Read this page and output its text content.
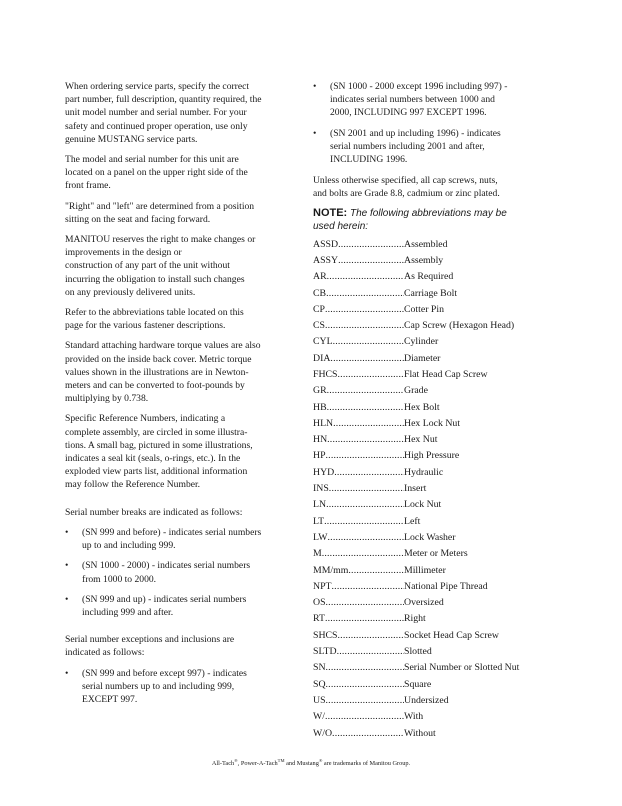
When ordering service parts, specify the correct
part number, full description, quantity required, the
unit model number and serial number. For your
safety and continued proper operation, use only
genuine MUSTANG service parts.

The model and serial number for this unit are
located on a panel on the upper right side of the
front frame.

"Right" and "left" are determined from a position
sitting on the seat and facing forward.

MANITOU reserves the right to make changes or
improvements in the design or
construction of any part of the unit without
incurring the obligation to install such changes
on any previously delivered units.

Refer to the abbreviations table located on this
page for the various fastener descriptions.

Standard attaching hardware torque values are also
provided on the inside back cover. Metric torque
values shown in the illustrations are in Newton-
meters and can be converted to foot-pounds by
multiplying by 0.738.

Specific Reference Numbers, indicating a
complete assembly, are circled in some illustra-
tions. A small bag, pictured in some illustrations,
indicates a seal kit (seals, o-rings, etc.). In the
exploded view parts list, additional information
may follow the Reference Number.

Serial number breaks are indicated as follows:

• (SN 999 and before) - indicates serial numbers
up to and including 999.
• (SN 1000 - 2000) - indicates serial numbers
from 1000 to 2000.
• (SN 999 and up) - indicates serial numbers
including 999 and after.

Serial number exceptions and inclusions are
indicated as follows:

• (SN 999 and before except 997) - indicates
serial numbers up to and including 999,
EXCEPT 997.
• (SN 1000 - 2000 except 1996 including 997) -
indicates serial numbers between 1000 and
2000, INCLUDING 997 EXCEPT 1996.
• (SN 2001 and up including 1996) - indicates
serial numbers including 2001 and after,
INCLUDING 1996.

Unless otherwise specified, all cap screws, nuts,
and bolts are Grade 8.8, cadmium or zinc plated.

NOTE: The following abbreviations may be
used herein:

ASSD .....	Assembled
ASSY .....	Assembly
AR .....	As Required
CB .....	Carriage Bolt
CP .....	Cotter Pin
CS .....	Cap Screw (Hexagon Head)
CYL .....	Cylinder
DIA .....	Diameter
FHCS .....	Flat Head Cap Screw
GR .....	Grade
HB .....	Hex Bolt
HLN .....	Hex Lock Nut
HN .....	Hex Nut
HP .....	High Pressure
HYD .....	Hydraulic
INS .....	Insert
LN .....	Lock Nut
LT .....	Left
LW .....	Lock Washer
M .....	Meter or Meters
MM/mm .....	Millimeter
NPT .....	National Pipe Thread
OS .....	Oversized
RT .....	Right
SHCS .....	Socket Head Cap Screw
SLTD .....	Slotted
SN .....	Serial Number or Slotted Nut
SQ .....	Square
US .....	Undersized
W/ .....	With
W/O .....	Without
All-Tach®, Power-A-Tach™ and Mustang® are trademarks of Manitou Group.
